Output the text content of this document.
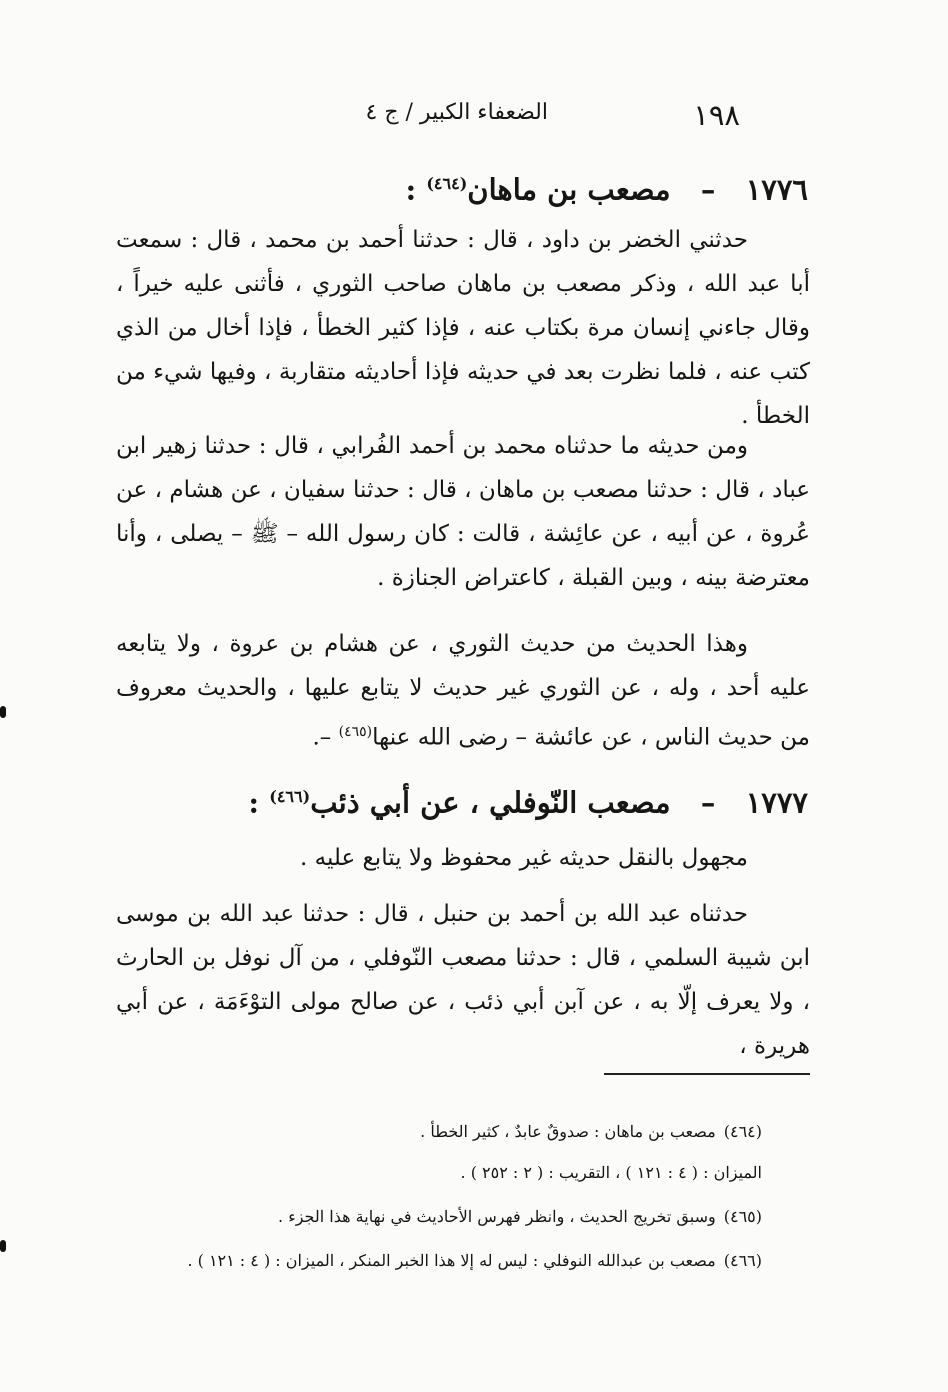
١٩٨
الضعفاء الكبير / ج ٤
١٧٧٦   –   مصعب بن ماهان$^{(٤٦٤)}$ :

حدثني الخضر بن داود ، قال : حدثنا أحمد بن محمد ، قال : سمعت أبا عبد الله ، وذكر مصعب بن ماهان صاحب الثوري ، فأثنى عليه خيراً ، وقال جاءني إنسان مرة بكتاب عنه ، فإذا كثير الخطأ ، فإذا أخال من الذي كتب عنه ، فلما نظرت بعد في حديثه فإذا أحاديثه متقاربة ، وفيها شيء من الخطأ .

ومن حديثه ما حدثناه محمد بن أحمد الفُرابي ، قال : حدثنا زهير ابن عباد ، قال : حدثنا مصعب بن ماهان ، قال : حدثنا سفيان ، عن هشام ، عن عُروة ، عن أبيه ، عن عائِشة ، قالت : كان رسول الله – ﷺ – يصلى ، وأنا معترضة بينه ، وبين القبلة ، كاعتراض الجنازة .

وهذا الحديث من حديث الثوري ، عن هشام بن عروة ، ولا يتابعه عليه أحد ، وله ، عن الثوري غير حديث لا يتابع عليها ، والحديث معروف من حديث الناس ، عن عائشة – رضى الله عنها$^{(٤٦٥)}$ –.

١٧٧٧   –   مصعب النّوفلي ، عن أبي ذئب$^{(٤٦٦)}$ :

مجهول بالنقل حديثه غير محفوظ ولا يتابع عليه .

حدثناه عبد الله بن أحمد بن حنبل ، قال : حدثنا عبد الله بن موسى ابن شيبة السلمي ، قال : حدثنا مصعب النّوفلي ، من آل نوفل بن الحارث ، ولا يعرف إلّا به ، عن آبن أبي ذئب ، عن صالح مولى التوْءَمَة ، عن أبي هريرة ،

(٤٦٤)مصعب بن ماهان : صدوقٌ عابدٌ ، كثير الخطأ .
الميزان : ( ٤ : ١٢١ ) ، التقريب : ( ٢ : ٢٥٢ ) .
(٤٦٥)وسبق تخريج الحديث ، وانظر فهرس الأحاديث في نهاية هذا الجزء .
(٤٦٦)مصعب بن عبدالله النوفلي : ليس له إلا هذا الخبر المنكر ، الميزان : ( ٤ : ١٢١ ) .
